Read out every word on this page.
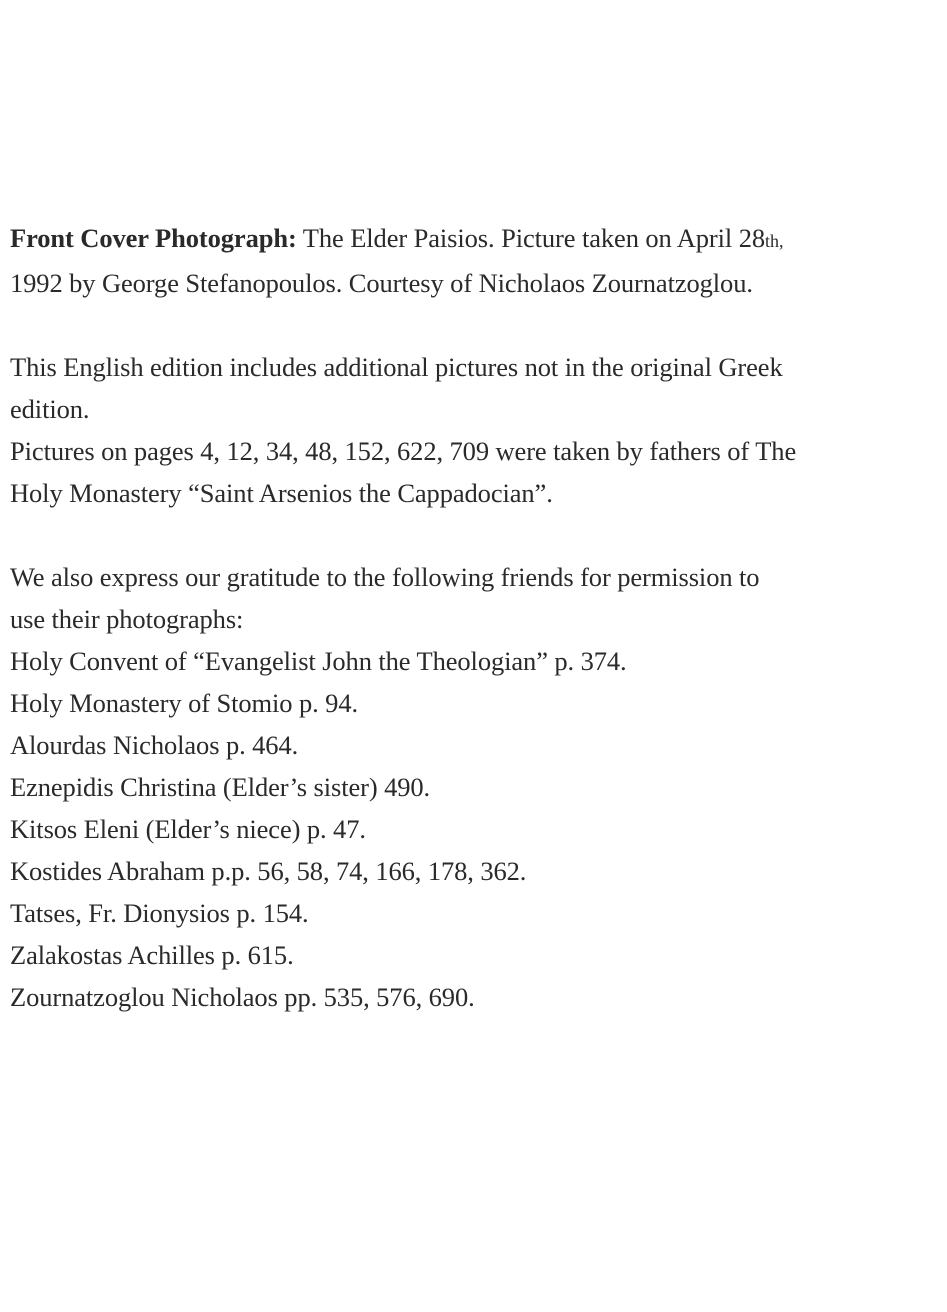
Front Cover Photograph: The Elder Paisios. Picture taken on April 28th,
1992 by George Stefanopoulos. Courtesy of Nicholaos Zournatzoglou.
This English edition includes additional pictures not in the original Greek
edition.
Pictures on pages 4, 12, 34, 48, 152, 622, 709 were taken by fathers of The
Holy Monastery “Saint Arsenios the Cappadocian”.
We also express our gratitude to the following friends for permission to
use their photographs:
Holy Convent of “Evangelist John the Theologian” p. 374.
Holy Monastery of Stomio p. 94.
Alourdas Nicholaos p. 464.
Eznepidis Christina (Elder’s sister) 490.
Kitsos Eleni (Elder’s niece) p. 47.
Kostides Abraham p.p. 56, 58, 74, 166, 178, 362.
Tatses, Fr. Dionysios p. 154.
Zalakostas Achilles p. 615.
Zournatzoglou Nicholaos pp. 535, 576, 690.
